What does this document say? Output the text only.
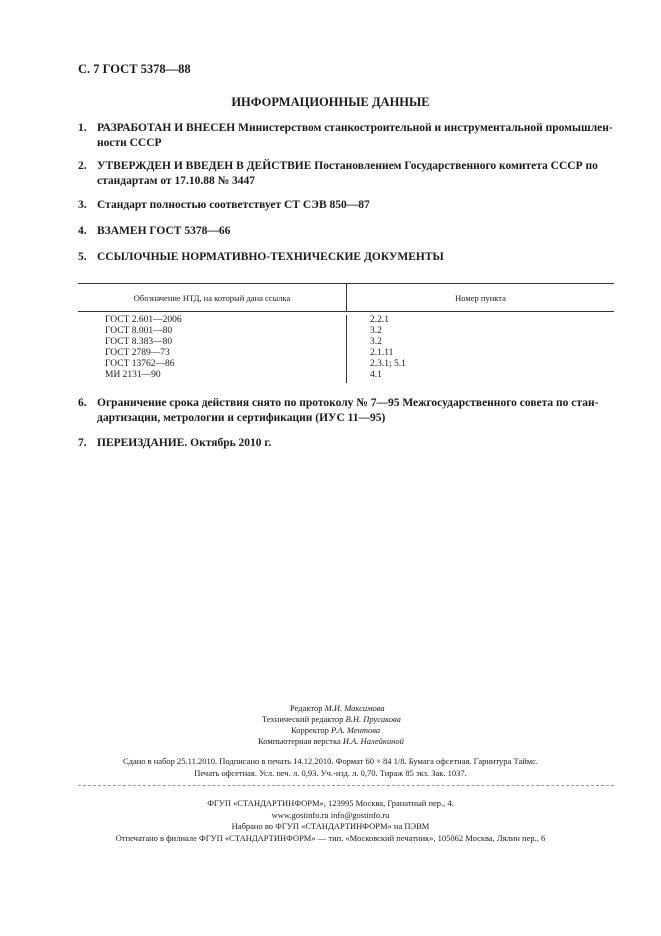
С. 7 ГОСТ 5378—88
ИНФОРМАЦИОННЫЕ ДАННЫЕ
1. РАЗРАБОТАН И ВНЕСЕН Министерством станкостроительной и инструментальной промышлен-ности СССР
2. УТВЕРЖДЕН И ВВЕДЕН В ДЕЙСТВИЕ Постановлением Государственного комитета СССР по стандартам от 17.10.88 № 3447
3. Стандарт полностью соответствует СТ СЭВ 850—87
4. ВЗАМЕН ГОСТ 5378—66
5. ССЫЛОЧНЫЕ НОРМАТИВНО-ТЕХНИЧЕСКИЕ ДОКУМЕНТЫ
Обозначение НТД, на который дана ссылка	Номер пункта
ГОСТ 2.601—2006
ГОСТ 8.001—80
ГОСТ 8.383—80
ГОСТ 2789—73
ГОСТ 13762—86
МИ 2131—90
2.2.1
3.2
3.2
2.1.11
2.3.1; 5.1
4.1
6. Ограничение срока действия снято по протоколу № 7—95 Межгосударственного совета по стан-дартизации, метрологии и сертификации (ИУС 11—95)
7. ПЕРЕИЗДАНИЕ. Октябрь 2010 г.
Редактор М.И. Максимова
Технический редактор В.Н. Прусакова
Корректор Р.А. Ментова
Компьютерная верстка И.А. Налейкиной
Сдано в набор 25.11.2010. Подписано в печать 14.12.2010. Формат 60 × 84 1/8. Бумага офсетная. Гарнитура Таймс.
Печать офсетная. Усл. печ. л. 0,93. Уч.-изд. л. 0,70. Тираж 85 экз. Зак. 1037.
ФГУП «СТАНДАРТИНФОРМ», 123995 Москва, Гранатный пер., 4.
www.gostinfo.ru info@gostinfo.ru
Набрано во ФГУП «СТАНДАРТИНФОРМ» на ПЭВМ
Отпечатано в филиале ФГУП «СТАНДАРТИНФОРМ» — тип. «Московский печатник», 105062 Москва, Лялин пер., 6
